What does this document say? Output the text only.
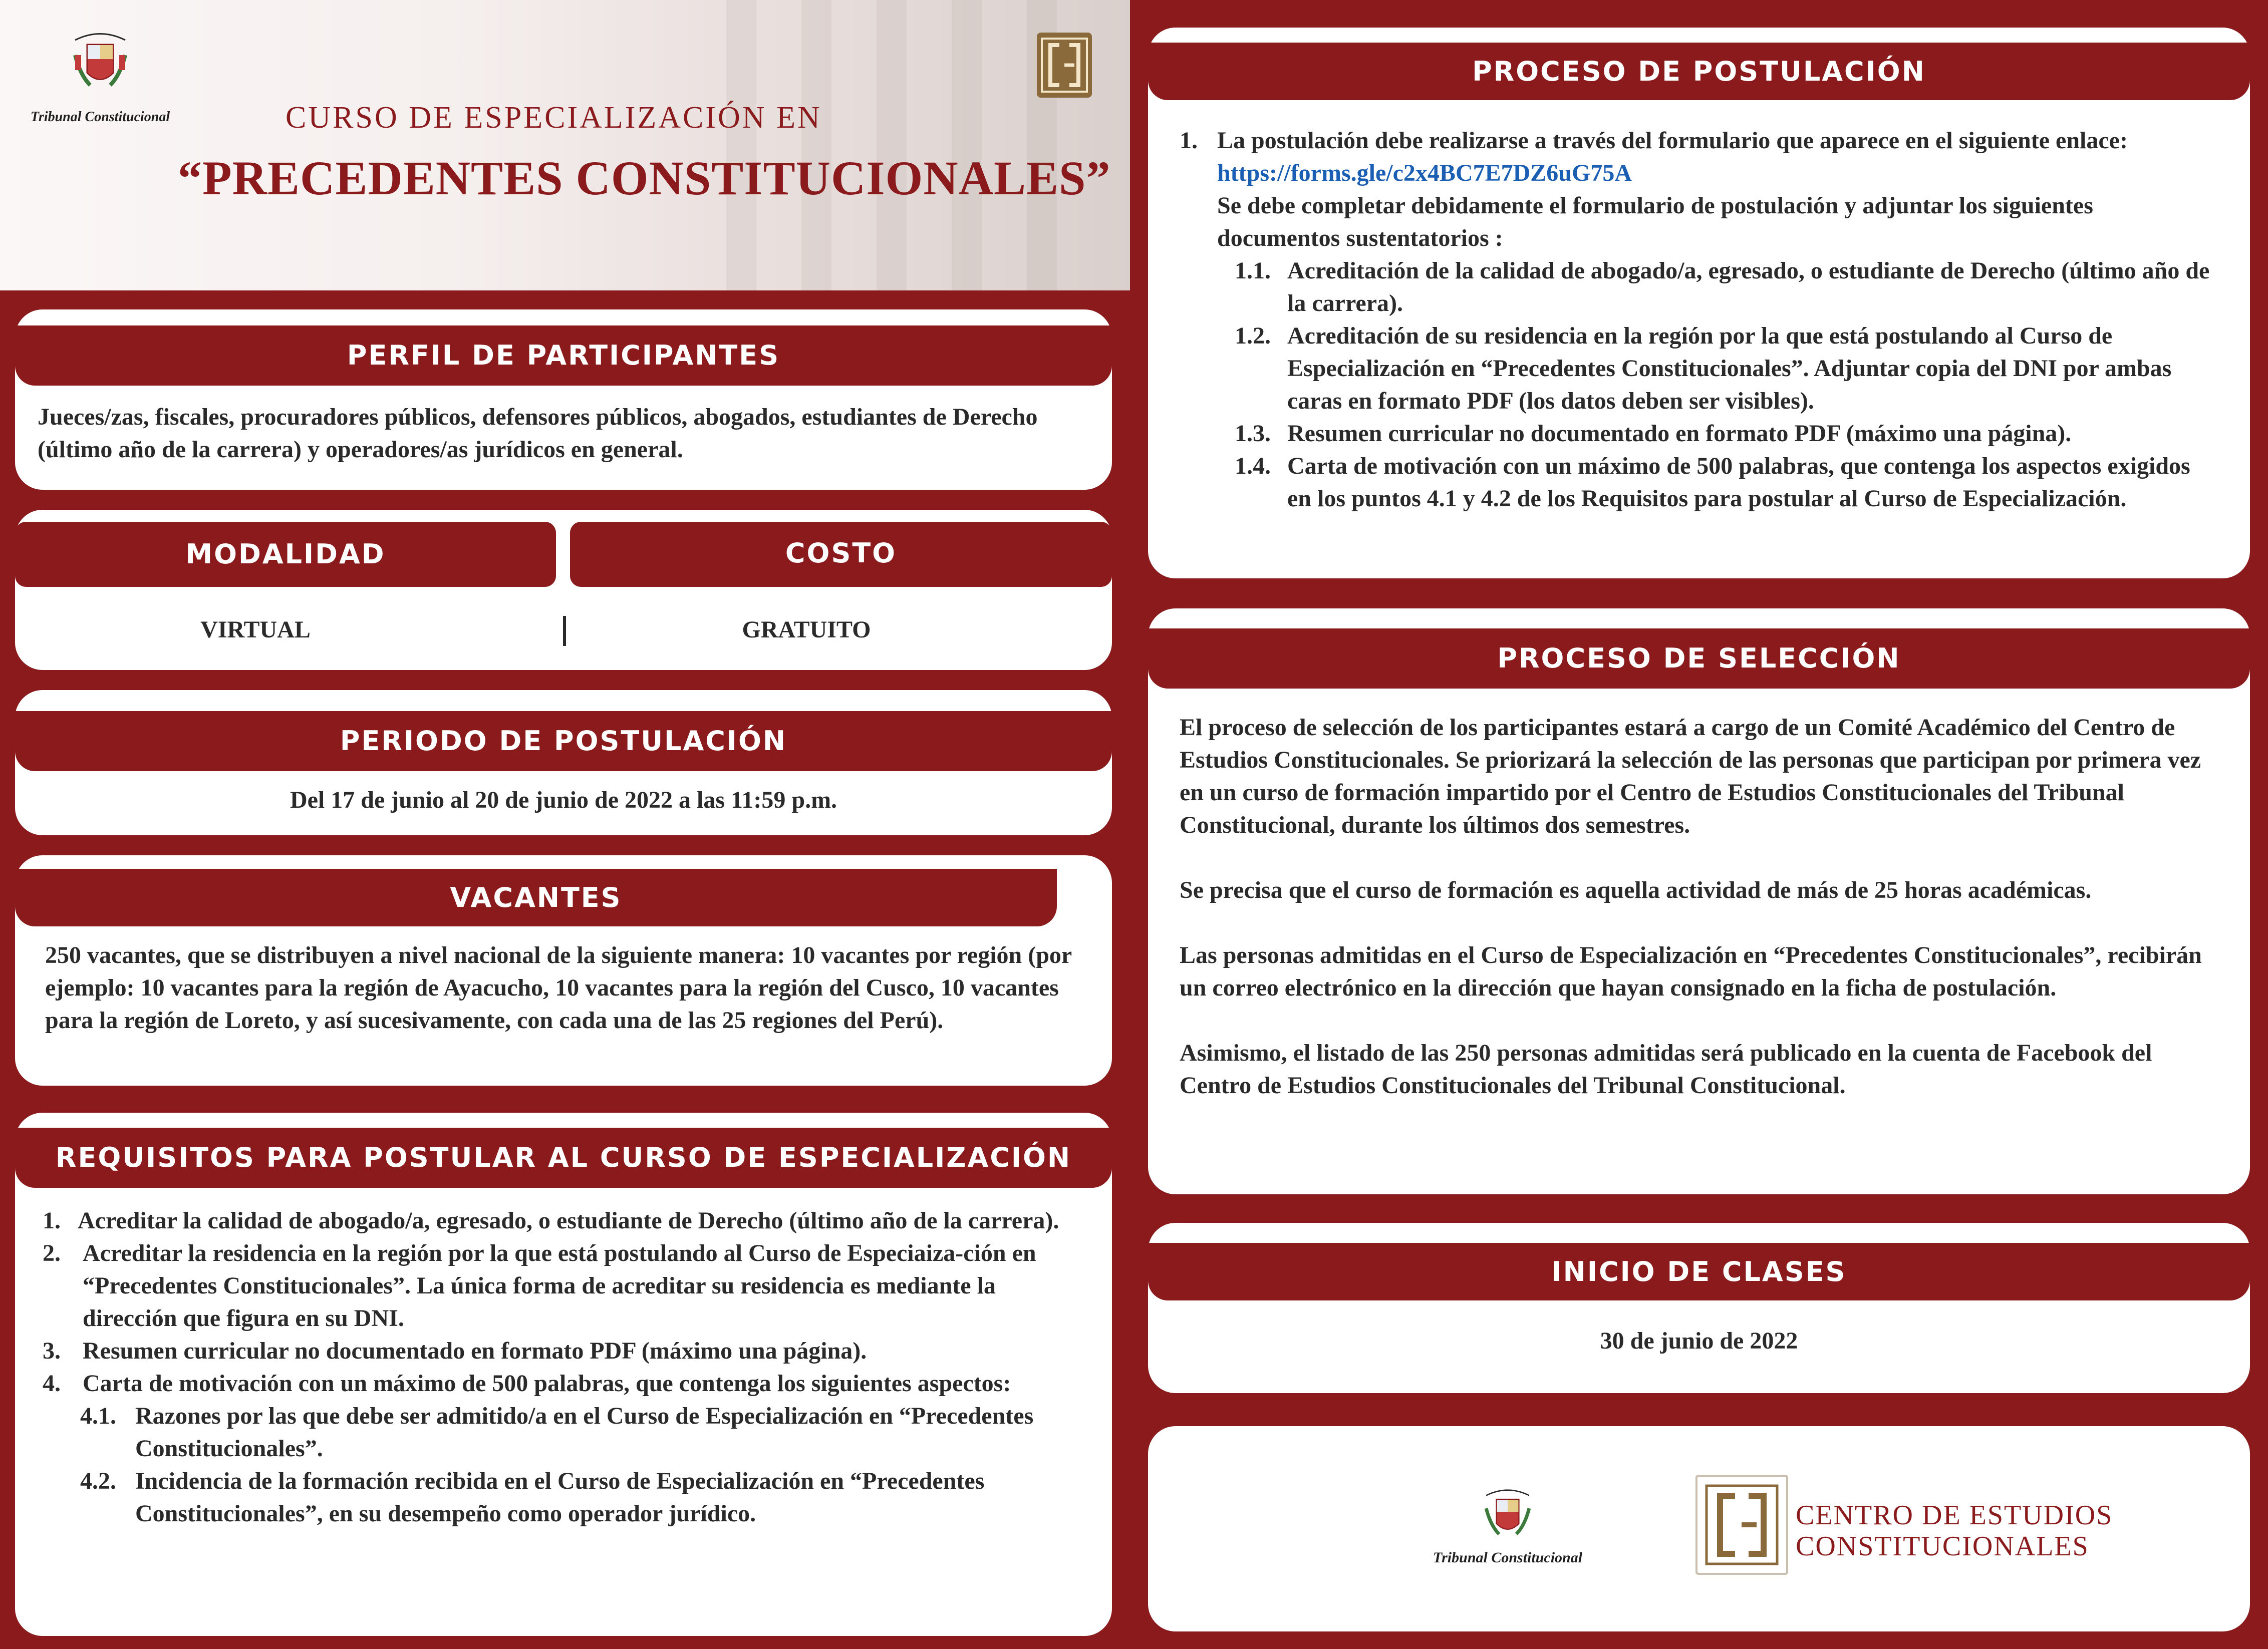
Tribunal Constitucional	CURSO DE ESPECIALIZACIÓN EN
“PRECEDENTES CONSTITUCIONALES”
PERFIL DE PARTICIPANTES
Jueces/zas, fiscales, procuradores públicos, defensores públicos, abogados, estudiantes de Derecho (último año de la carrera) y operadores/as jurídicos en general.
MODALIDAD	COSTO
VIRTUAL	GRATUITO
PERIODO DE POSTULACIÓN
Del 17 de junio al 20 de junio de 2022 a las 11:59 p.m.
VACANTES
250 vacantes, que se distribuyen a nivel nacional de la siguiente manera: 10 vacantes por región (por ejemplo: 10 vacantes para la región de Ayacucho, 10 vacantes para la región del Cusco, 10 vacantes para la región de Loreto, y así sucesivamente, con cada una de las 25 regiones del Perú).
REQUISITOS PARA POSTULAR AL CURSO DE ESPECIALIZACIÓN
1. Acreditar la calidad de abogado/a, egresado, o estudiante de Derecho (último año de la carrera).
2. Acreditar la residencia en la región por la que está postulando al Curso de Especiaiza-ción en “Precedentes Constitucionales”. La única forma de acreditar su residencia es mediante la dirección que figura en su DNI.
3. Resumen curricular no documentado en formato PDF (máximo una página).
4. Carta de motivación con un máximo de 500 palabras, que contenga los siguientes aspectos:
4.1. Razones por las que debe ser admitido/a en el Curso de Especialización en “Precedentes Constitucionales”.
4.2. Incidencia de la formación recibida en el Curso de Especialización en “Precedentes Constitucionales”, en su desempeño como operador jurídico.
PROCESO DE POSTULACIÓN
1. La postulación debe realizarse a través del formulario que aparece en el siguiente enlace: https://forms.gle/c2x4BC7E7DZ6uG75A
Se debe completar debidamente el formulario de postulación y adjuntar los siguientes documentos sustentatorios :
1.1. Acreditación de la calidad de abogado/a, egresado, o estudiante de Derecho (último año de la carrera).
1.2. Acreditación de su residencia en la región por la que está postulando al Curso de Especialización en “Precedentes Constitucionales”. Adjuntar copia del DNI por ambas caras en formato PDF (los datos deben ser visibles).
1.3. Resumen curricular no documentado en formato PDF (máximo una página).
1.4. Carta de motivación con un máximo de 500 palabras, que contenga los aspectos exigidos en los puntos 4.1 y 4.2 de los Requisitos para postular al Curso de Especialización.
PROCESO DE SELECCIÓN

El proceso de selección de los participantes estará a cargo de un Comité Académico del Centro de Estudios Constitucionales. Se priorizará la selección de las personas que participan por primera vez en un curso de formación impartido por el Centro de Estudios Constitucionales del Tribunal Constitucional, durante los últimos dos semestres.

Se precisa que el curso de formación es aquella actividad de más de 25 horas académicas.

Las personas admitidas en el Curso de Especialización en “Precedentes Constitucionales”, recibirán un correo electrónico en la dirección que hayan consignado en la ficha de postulación.

Asimismo, el listado de las 250 personas admitidas será publicado en la cuenta de Facebook del Centro de Estudios Constitucionales del Tribunal Constitucional.

INICIO DE CLASES
30 de junio de 2022
Tribunal Constitucional
CENTRO DE ESTUDIOS
CONSTITUCIONALES
